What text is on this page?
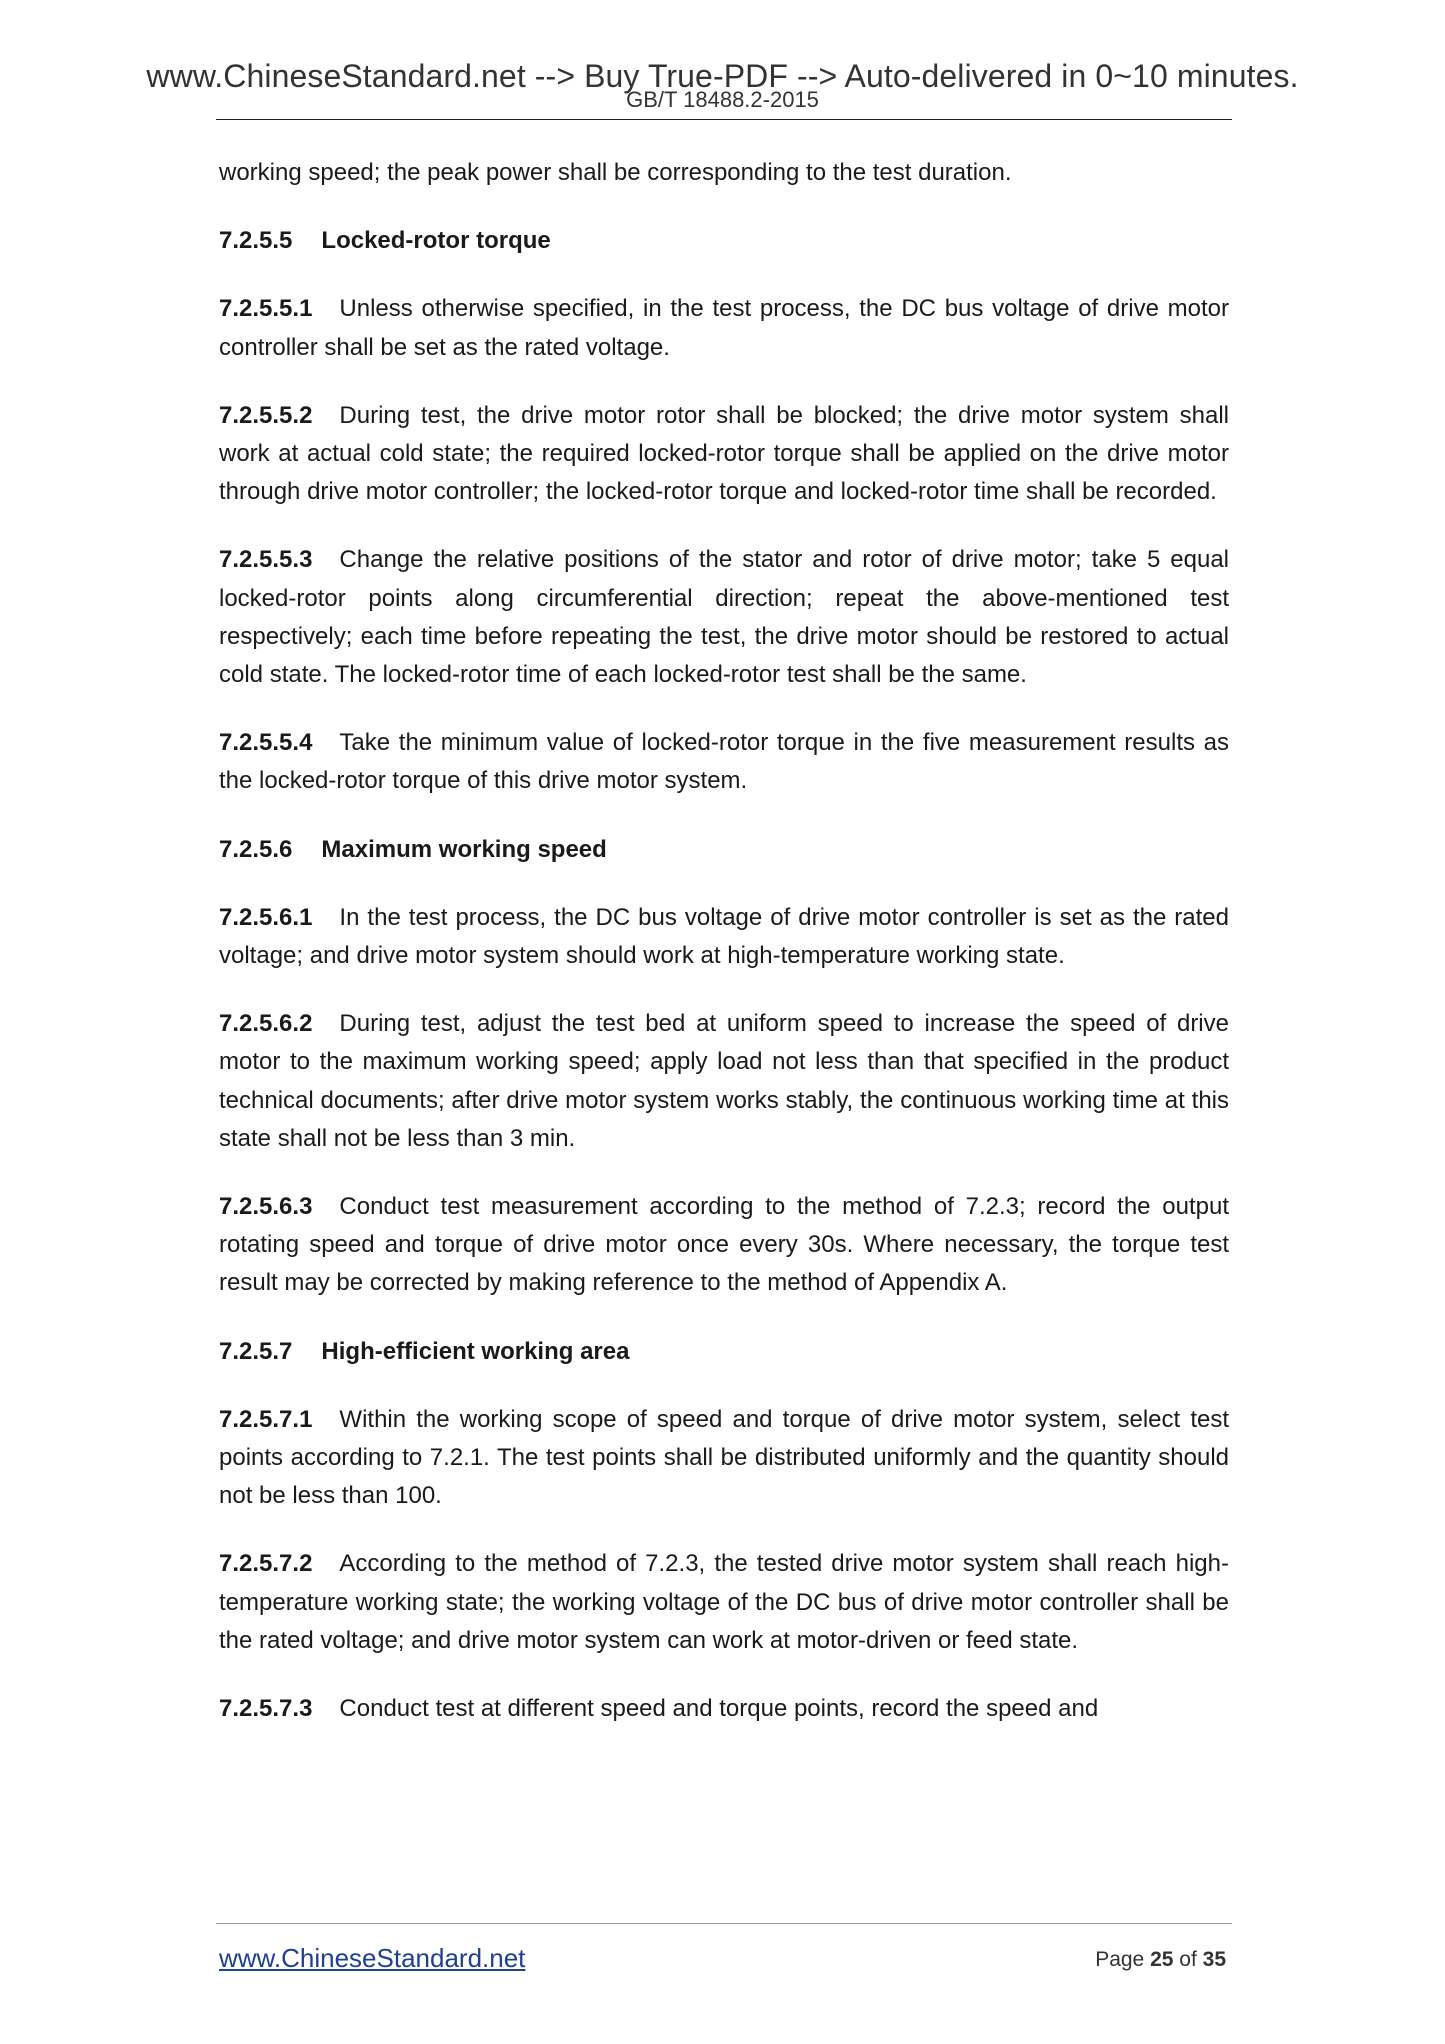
www.ChineseStandard.net --> Buy True-PDF --> Auto-delivered in 0~10 minutes.
GB/T 18488.2-2015

working speed; the peak power shall be corresponding to the test duration.

7.2.5.5 Locked-rotor torque

7.2.5.5.1 Unless otherwise specified, in the test process, the DC bus voltage of drive motor controller shall be set as the rated voltage.

7.2.5.5.2 During test, the drive motor rotor shall be blocked; the drive motor system shall work at actual cold state; the required locked-rotor torque shall be applied on the drive motor through drive motor controller; the locked-rotor torque and locked-rotor time shall be recorded.

7.2.5.5.3 Change the relative positions of the stator and rotor of drive motor; take 5 equal locked-rotor points along circumferential direction; repeat the above-mentioned test respectively; each time before repeating the test, the drive motor should be restored to actual cold state. The locked-rotor time of each locked-rotor test shall be the same.

7.2.5.5.4 Take the minimum value of locked-rotor torque in the five measurement results as the locked-rotor torque of this drive motor system.

7.2.5.6 Maximum working speed

7.2.5.6.1 In the test process, the DC bus voltage of drive motor controller is set as the rated voltage; and drive motor system should work at high-temperature working state.

7.2.5.6.2 During test, adjust the test bed at uniform speed to increase the speed of drive motor to the maximum working speed; apply load not less than that specified in the product technical documents; after drive motor system works stably, the continuous working time at this state shall not be less than 3 min.

7.2.5.6.3 Conduct test measurement according to the method of 7.2.3; record the output rotating speed and torque of drive motor once every 30s. Where necessary, the torque test result may be corrected by making reference to the method of Appendix A.

7.2.5.7 High-efficient working area

7.2.5.7.1 Within the working scope of speed and torque of drive motor system, select test points according to 7.2.1. The test points shall be distributed uniformly and the quantity should not be less than 100.

7.2.5.7.2 According to the method of 7.2.3, the tested drive motor system shall reach high-temperature working state; the working voltage of the DC bus of drive motor controller shall be the rated voltage; and drive motor system can work at motor-driven or feed state.

7.2.5.7.3 Conduct test at different speed and torque points, record the speed and

www.ChineseStandard.net	Page 25 of 35
